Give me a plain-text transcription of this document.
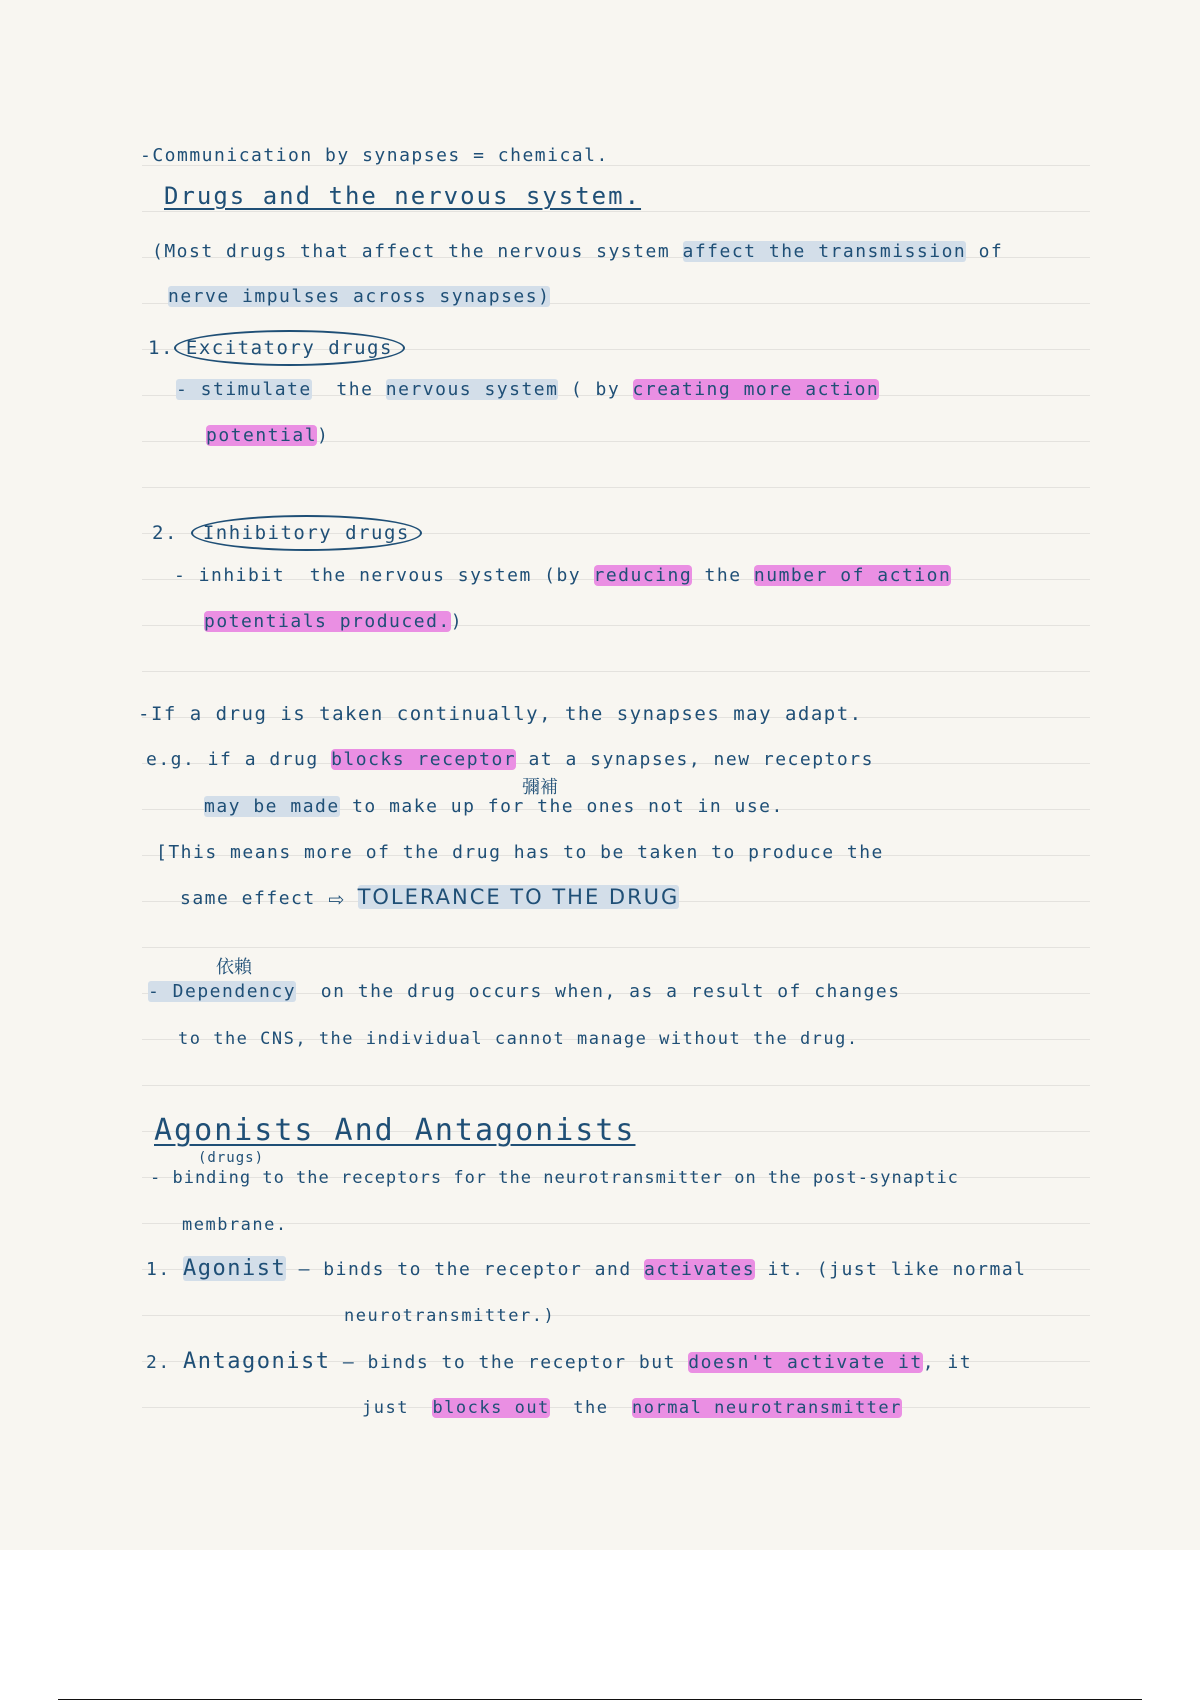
-Communication by synapses = chemical.
Drugs and the nervous system.
(Most drugs that affect the nervous system affect the transmission of
nerve impulses across synapses)
1. Excitatory drugs
- stimulate the nervous system ( by creating more action
potential)
2. Inhibitory drugs
- inhibit the nervous system (by reducing the number of action
potentials produced.)
-If a drug is taken continually, the synapses may adapt.
彌補
e.g. if a drug blocks receptor at a synapses, new receptors
may be made to make up for the ones not in use.
[This means more of the drug has to be taken to produce the
same effect ⇨ TOLERANCE TO THE DRUG
依賴
- Dependency on the drug occurs when, as a result of changes
to the CNS, the individual cannot manage without the drug.
Agonists And Antagonists
(drugs)
- binding to the receptors for the neurotransmitter on the post-synaptic
membrane.
1. Agonist — binds to the receptor and activates it. (just like normal
neurotransmitter.)
2. Antagonist — binds to the receptor but doesn't activate it, it
just blocks out the normal neurotransmitter
